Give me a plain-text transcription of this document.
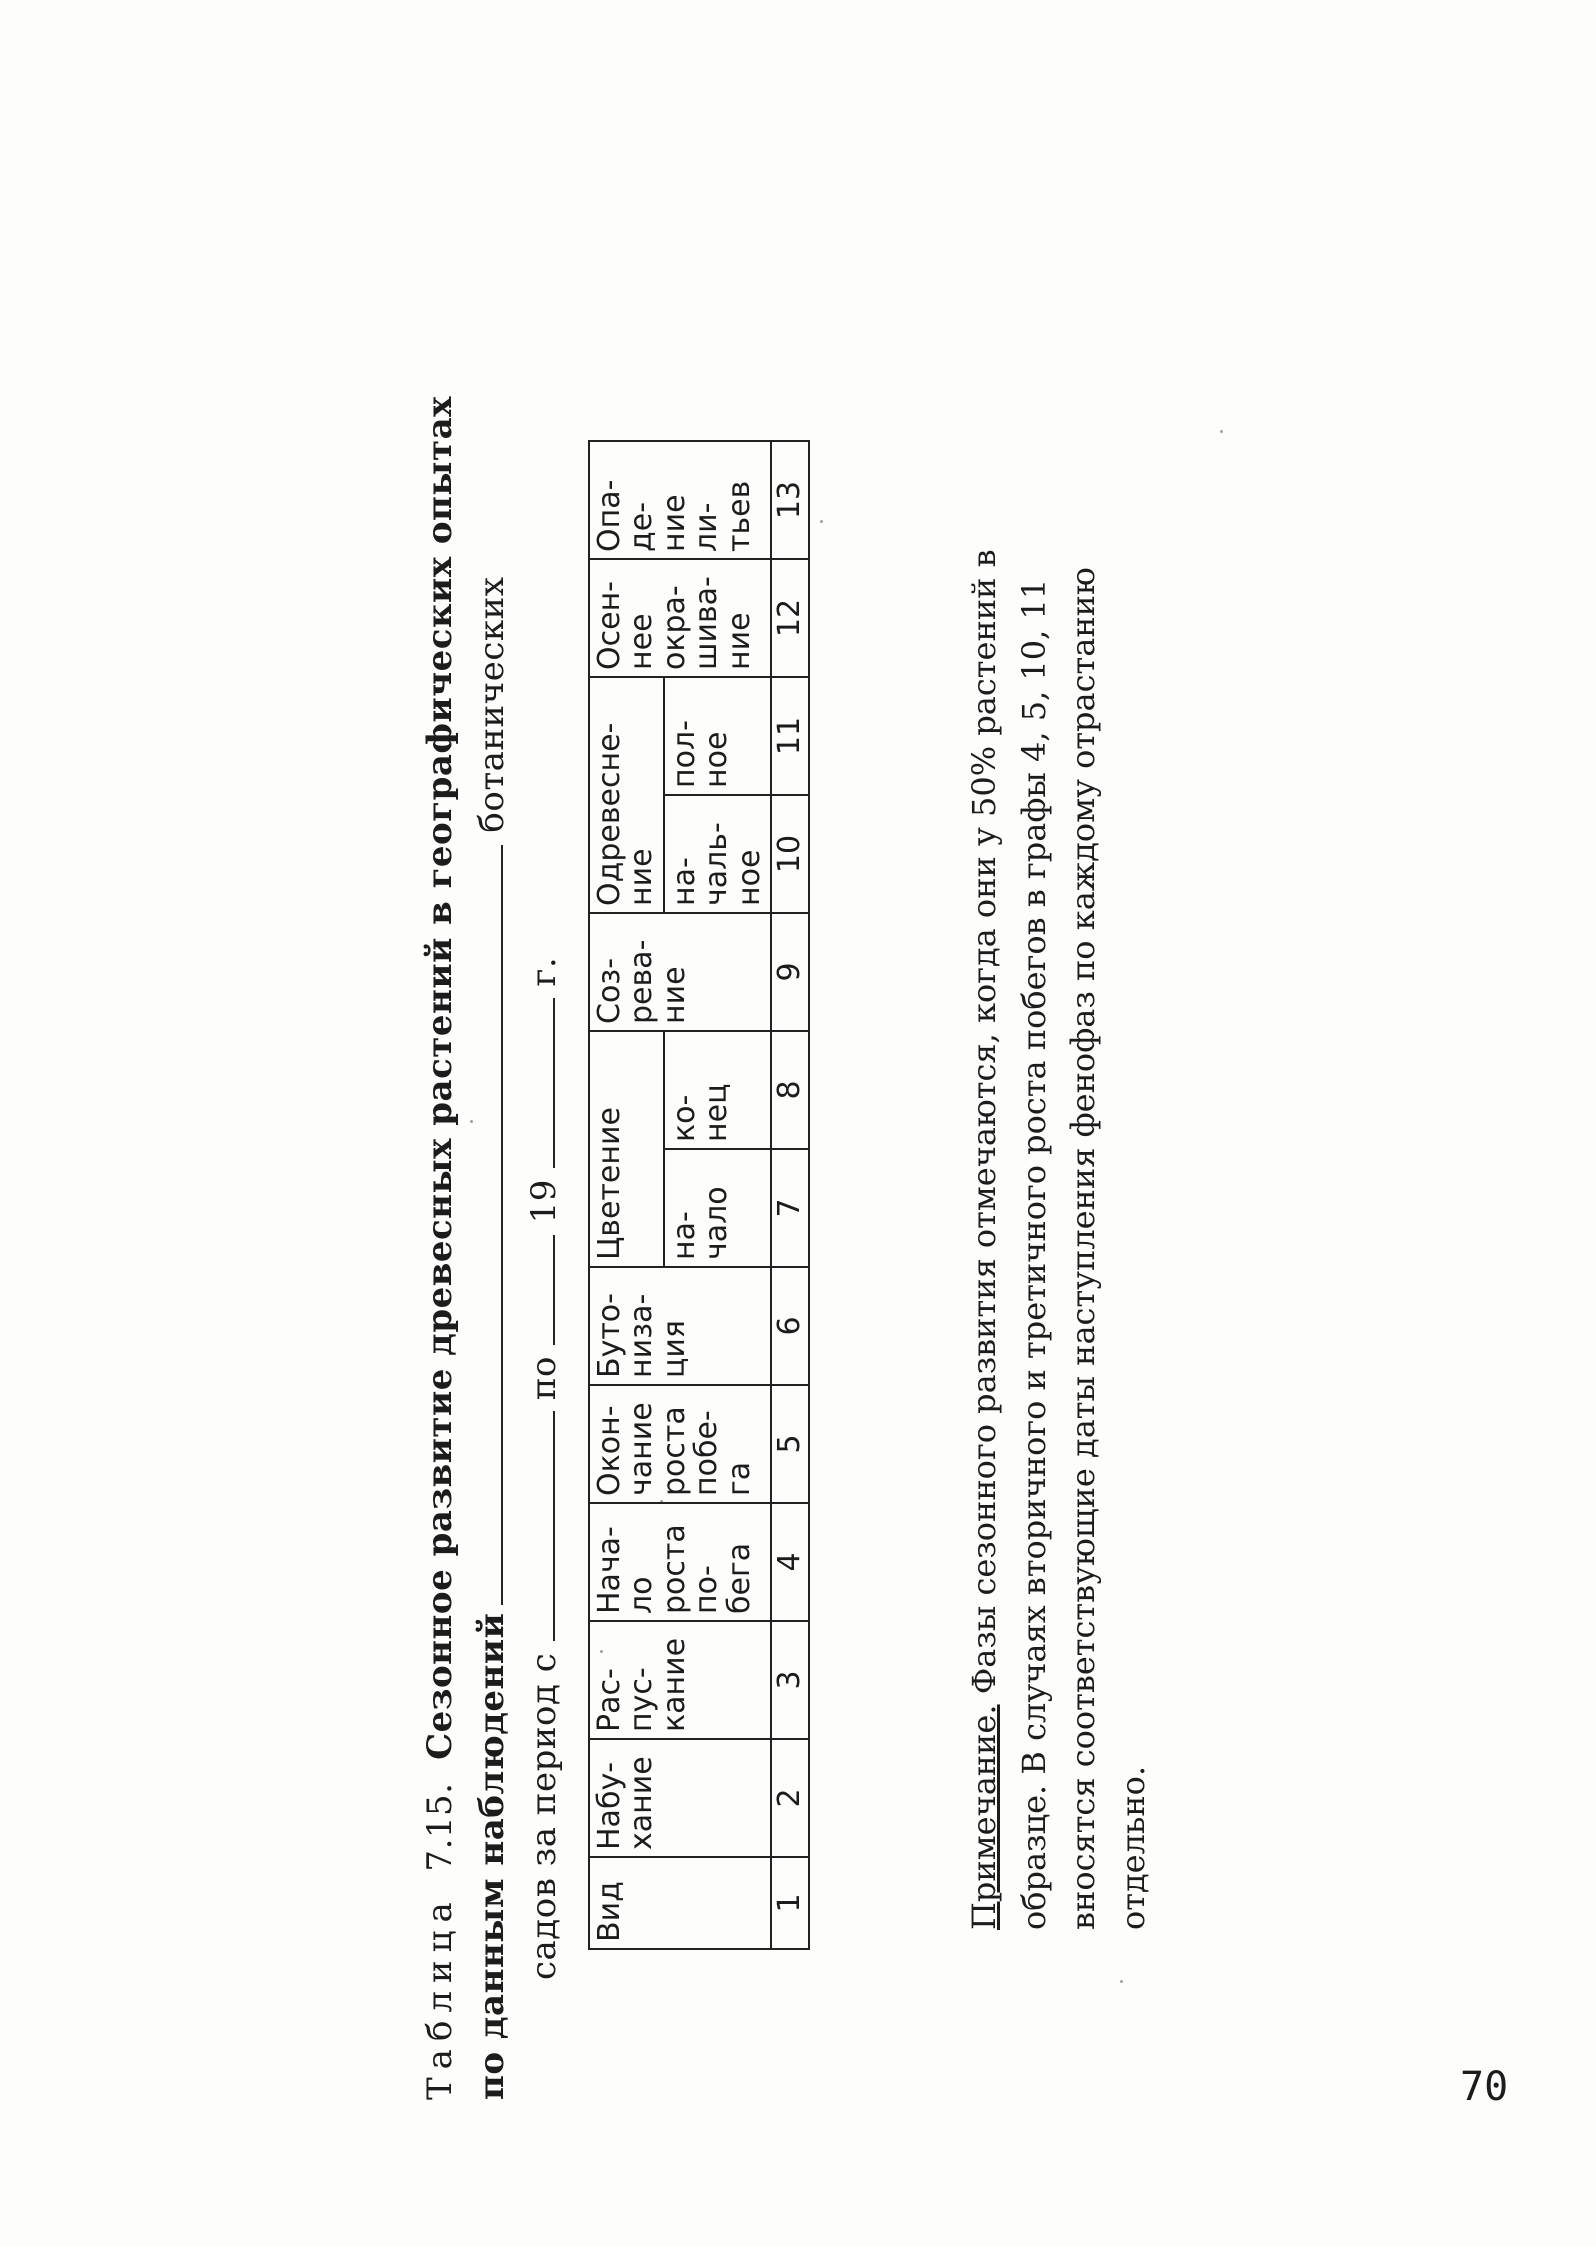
Таблица  7.15.  Сезонное развитие древесных растений в географических опытах
по данным наблюденийботанических
садов за период с  по  19  г.
Вид	Набу-хание	Рас-пус-кание	Нача-ло роста по-бега	Окон-чание роста побе-га	Буто-низа-ция	Цветение		Соз-рева-ние	Одревесне-ние		Осен-нее окра-шива-ние	Опа-де-ние ли-тьев
						на-чало	ко-нец		на-чаль-ное	пол-ное		
1	2	3	4	5	6	7	8	9	10	11	12	13
Примечание. Фазы сезонного развития отмечаются, когда они у 50% растений в образце. В случаях вторичного и третичного роста побегов в графы 4, 5, 10, 11 вносятся соответствующие даты наступления фенофаз по каждому отрастанию отдельно.
70
